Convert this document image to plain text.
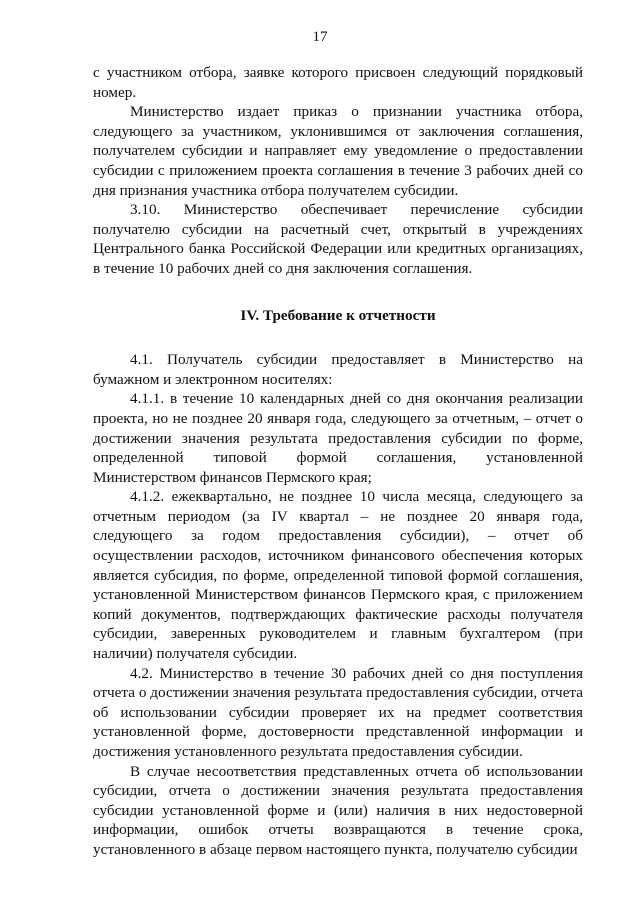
17

с участником отбора, заявке которого присвоен следующий порядковый номер.

Министерство издает приказ о признании участника отбора, следующего за участником, уклонившимся от заключения соглашения, получателем субсидии и направляет ему уведомление о предоставлении субсидии с приложением проекта соглашения в течение 3 рабочих дней со дня признания участника отбора получателем субсидии.

3.10. Министерство обеспечивает перечисление субсидии получателю субсидии на расчетный счет, открытый в учреждениях Центрального банка Российской Федерации или кредитных организациях, в течение 10 рабочих дней со дня заключения соглашения.

IV. Требование к отчетности

4.1. Получатель субсидии предоставляет в Министерство на бумажном и электронном носителях:

4.1.1. в течение 10 календарных дней со дня окончания реализации проекта, но не позднее 20 января года, следующего за отчетным, – отчет о достижении значения результата предоставления субсидии по форме, определенной типовой формой соглашения, установленной Министерством финансов Пермского края;

4.1.2. ежеквартально, не позднее 10 числа месяца, следующего за отчетным периодом (за IV квартал – не позднее 20 января года, следующего за годом предоставления субсидии), – отчет об осуществлении расходов, источником финансового обеспечения которых является субсидия, по форме, определенной типовой формой соглашения, установленной Министерством финансов Пермского края, с приложением копий документов, подтверждающих фактические расходы получателя субсидии, заверенных руководителем и главным бухгалтером (при наличии) получателя субсидии.

4.2. Министерство в течение 30 рабочих дней со дня поступления отчета о достижении значения результата предоставления субсидии, отчета об использовании субсидии проверяет их на предмет соответствия установленной форме, достоверности представленной информации и достижения установленного результата предоставления субсидии.

В случае несоответствия представленных отчета об использовании субсидии, отчета о достижении значения результата предоставления субсидии установленной форме и (или) наличия в них недостоверной информации, ошибок отчеты возвращаются в течение срока, установленного в абзаце первом настоящего пункта, получателю субсидии
